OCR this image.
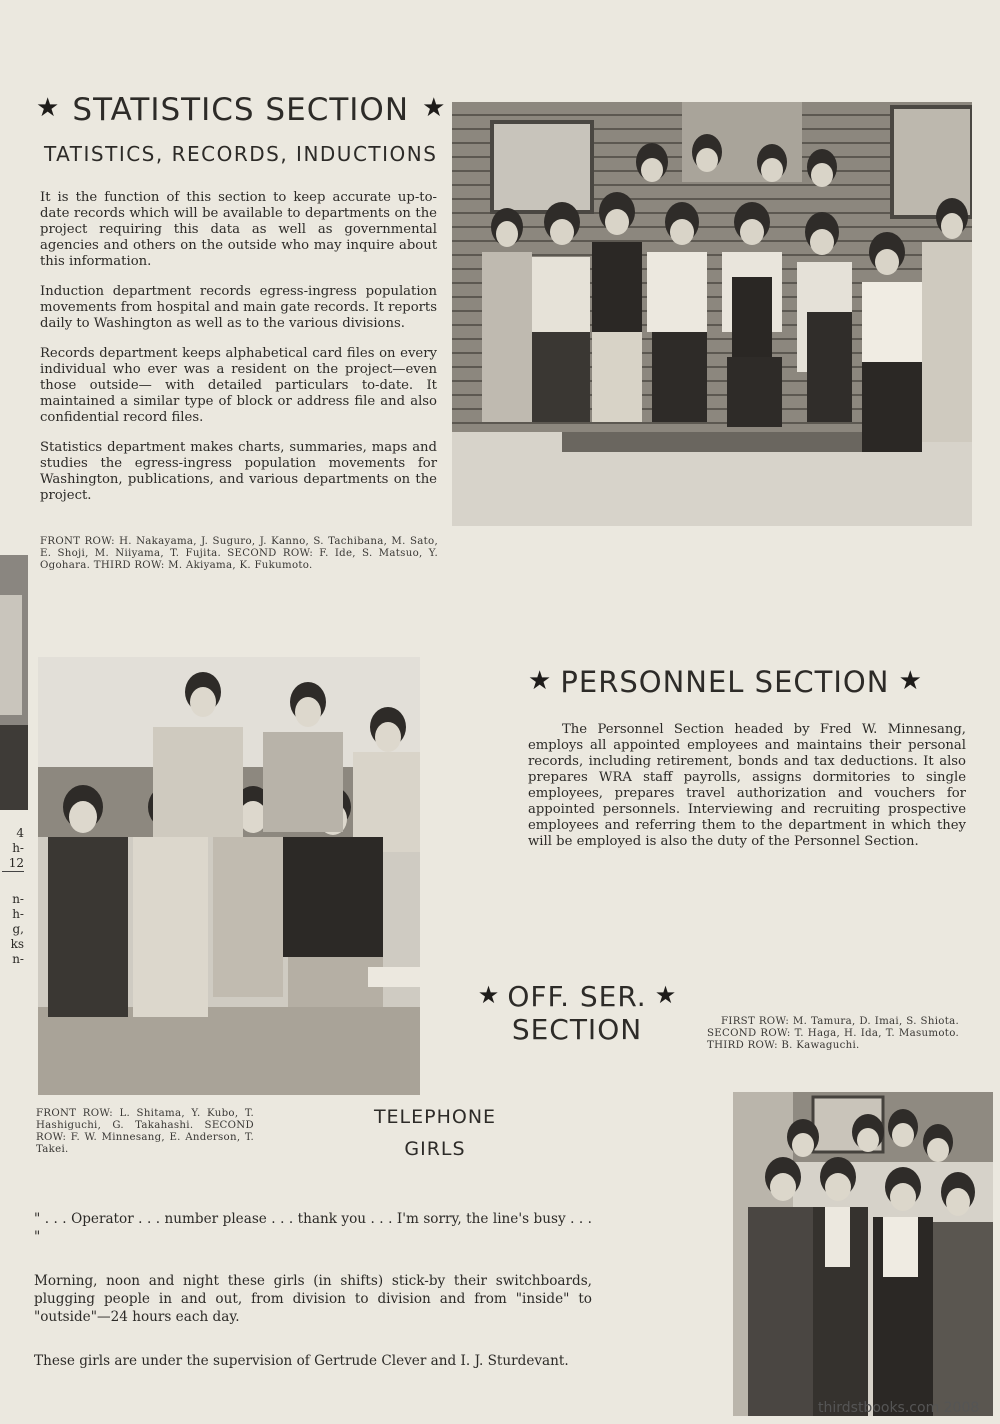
4
h-
12
n-
h-
g,
ks
n-
★ STATISTICS SECTION ★
TATISTICS, RECORDS, INDUCTIONS

It is the function of this section to keep accurate up-to-date records which will be available to departments on the project requiring this data as well as governmental agencies and others on the outside who may inquire about this information.

Induction department records egress-ingress population movements from hospital and main gate records. It reports daily to Washington as well as to the various divisions.

Records department keeps alphabetical card files on every individual who ever was a resident on the project—even those outside— with detailed particulars to-date. It maintained a similar type of block or address file and also confidential record files.

Statistics department makes charts, summaries, maps and studies the egress-ingress population movements for Washington, publications, and various departments on the project.

FRONT ROW: H. Nakayama, J. Suguro, J. Kanno, S. Tachibana, M. Sato, E. Shoji, M. Niiyama, T. Fujita. SECOND ROW: F. Ide, S. Matsuo, Y. Ogohara. THIRD ROW: M. Akiyama, K. Fukumoto.
FRONT ROW: L. Shitama, Y. Kubo, T. Hashiguchi, G. Takahashi. SECOND ROW: F. W. Minnesang, E. Anderson, T. Takei.
★ PERSONNEL SECTION ★

The Personnel Section headed by Fred W. Minnesang, employs all appointed employees and maintains their personal records, including retirement, bonds and tax deductions. It also prepares WRA staff payrolls, assigns dormitories to single employees, prepares travel authorization and vouchers for appointed personnels. Interviewing and recruiting prospective employees and referring them to the department in which they will be employed is also the duty of the Personnel Section.

★ OFF. SER. ★
SECTION	FIRST ROW: M. Tamura, D. Imai, S. Shiota. SECOND ROW: T. Haga, H. Ida, T. Masumoto. THIRD ROW: B. Kawaguchi.
TELEPHONE
GIRLS

" . . . Operator . . . number please . . . thank you . . . I'm sorry, the line's busy . . . "

Morning, noon and night these girls (in shifts) stick-by their switchboards, plugging people in and out, from division to division and from "inside" to "outside"—24 hours each day.

These girls are under the supervision of Gertrude Clever and I. J. Sturdevant.

thirdstbooks.com 2008
